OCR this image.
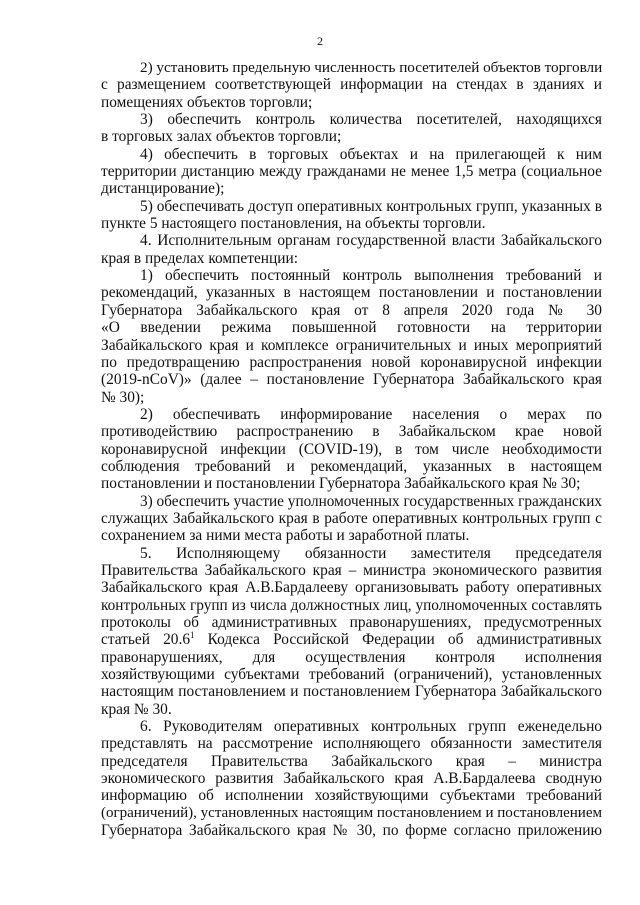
2
2) установить предельную численность посетителей объектов торговли
с размещением соответствующей информации на стендах в зданиях и
помещениях объектов торговли;
3) обеспечить контроль количества посетителей, находящихся
в торговых залах объектов торговли;
4) обеспечить в торговых объектах и на прилегающей к ним
территории дистанцию между гражданами не менее 1,5 метра (социальное
дистанцирование);
5) обеспечивать доступ оперативных контрольных групп, указанных в
пункте 5 настоящего постановления, на объекты торговли.
4. Исполнительным органам государственной власти Забайкальского
края в пределах компетенции:
1) обеспечить постоянный контроль выполнения требований и
рекомендаций, указанных в настоящем постановлении и постановлении
Губернатора Забайкальского края от 8 апреля 2020 года № 30
«О введении режима повышенной готовности на территории
Забайкальского края и комплексе ограничительных и иных мероприятий
по предотвращению распространения новой коронавирусной инфекции
(2019-nCoV)» (далее – постановление Губернатора Забайкальского края
№ 30);
2) обеспечивать информирование населения о мерах по
противодействию распространению в Забайкальском крае новой
коронавирусной инфекции (COVID-19), в том числе необходимости
соблюдения требований и рекомендаций, указанных в настоящем
постановлении и постановлении Губернатора Забайкальского края № 30;
3) обеспечить участие уполномоченных государственных гражданских
служащих Забайкальского края в работе оперативных контрольных групп с
сохранением за ними места работы и заработной платы.
5. Исполняющему обязанности заместителя председателя
Правительства Забайкальского края – министра экономического развития
Забайкальского края А.В.Бардалееву организовывать работу оперативных
контрольных групп из числа должностных лиц, уполномоченных составлять
протоколы об административных правонарушениях, предусмотренных
статьей 20.6$^1$ Кодекса Российской Федерации об административных
правонарушениях, для осуществления контроля исполнения
хозяйствующими субъектами требований (ограничений), установленных
настоящим постановлением и постановлением Губернатора Забайкальского
края № 30.
6. Руководителям оперативных контрольных групп еженедельно
представлять на рассмотрение исполняющего обязанности заместителя
председателя Правительства Забайкальского края – министра
экономического развития Забайкальского края А.В.Бардалеева сводную
информацию об исполнении хозяйствующими субъектами требований
(ограничений), установленных настоящим постановлением и постановлением
Губернатора Забайкальского края № 30, по форме согласно приложению
